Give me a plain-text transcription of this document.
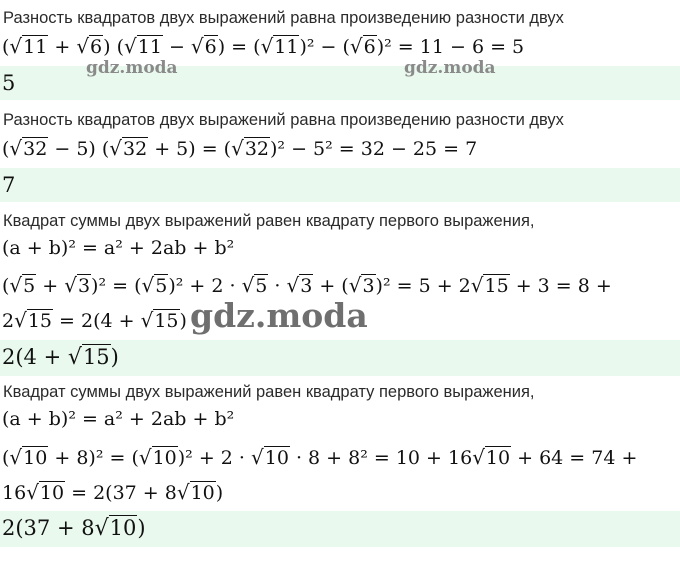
Разность квадратов двух выражений равна произведению разности двух
(√11 + √6) (√11 − √6) = (√11)² − (√6)² = 11 − 6 = 5
5
Разность квадратов двух выражений равна произведению разности двух
(√32 − 5) (√32 + 5) = (√32)² − 5² = 32 − 25 = 7
7
Квадрат суммы двух выражений равен квадрату первого выражения,
(a + b)² = a² + 2ab + b²
(√5 + √3)² = (√5)² + 2 · √5 · √3 + (√3)² = 5 + 2√15 + 3 = 8 +
2√15 = 2(4 + √15)
2(4 + √15)
Квадрат суммы двух выражений равен квадрату первого выражения,
(a + b)² = a² + 2ab + b²
(√10 + 8)² = (√10)² + 2 · √10 · 8 + 8² = 10 + 16√10 + 64 = 74 +
16√10 = 2(37 + 8√10)
2(37 + 8√10)
gdz.moda	gdz.moda
gdz.moda
